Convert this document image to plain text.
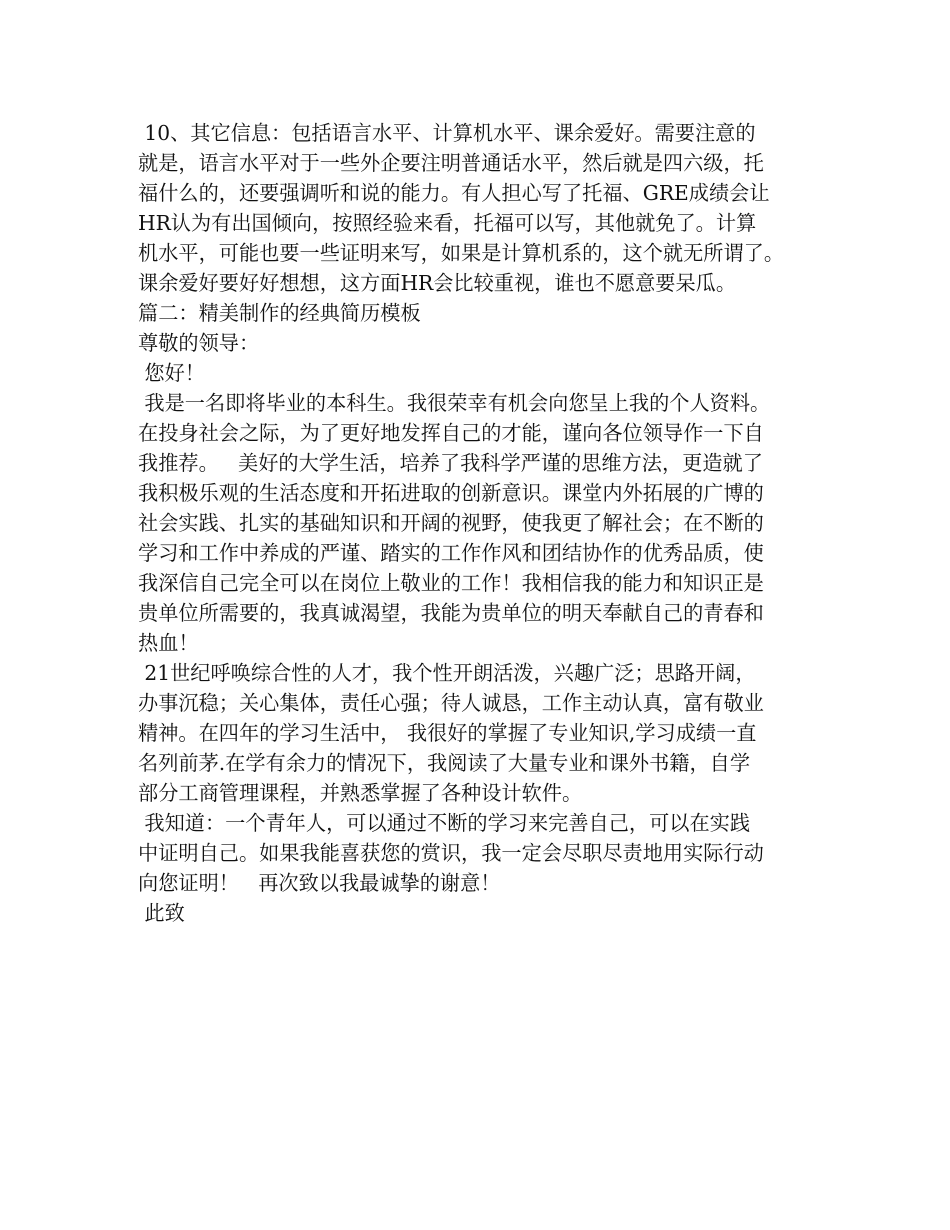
10、其它信息：包括语言水平、计算机水平、课余爱好。需要注意的
就是，语言水平对于一些外企要注明普通话水平，然后就是四六级，托
福什么的，还要强调听和说的能力。有人担心写了托福、GRE成绩会让
HR认为有出国倾向，按照经验来看，托福可以写，其他就免了。计算
机水平，可能也要一些证明来写，如果是计算机系的，这个就无所谓了。
课余爱好要好好想想，这方面HR会比较重视，谁也不愿意要呆瓜。
篇二：精美制作的经典简历模板
尊敬的领导：
您好！
我是一名即将毕业的本科生。我很荣幸有机会向您呈上我的个人资料。
在投身社会之际，为了更好地发挥自己的才能，谨向各位领导作一下自
我推荐。   美好的大学生活，培养了我科学严谨的思维方法，更造就了
我积极乐观的生活态度和开拓进取的创新意识。课堂内外拓展的广博的
社会实践、扎实的基础知识和开阔的视野，使我更了解社会；在不断的
学习和工作中养成的严谨、踏实的工作作风和团结协作的优秀品质，使
我深信自己完全可以在岗位上敬业的工作！我相信我的能力和知识正是
贵单位所需要的，我真诚渴望，我能为贵单位的明天奉献自己的青春和
热血！
21世纪呼唤综合性的人才，我个性开朗活泼，兴趣广泛；思路开阔，
办事沉稳；关心集体，责任心强；待人诚恳，工作主动认真，富有敬业
精神。在四年的学习生活中， 我很好的掌握了专业知识,学习成绩一直
名列前茅.在学有余力的情况下，我阅读了大量专业和课外书籍，自学
部分工商管理课程，并熟悉掌握了各种设计软件。
我知道：一个青年人，可以通过不断的学习来完善自己，可以在实践
中证明自己。如果我能喜获您的赏识，我一定会尽职尽责地用实际行动
向您证明！   再次致以我最诚挚的谢意！
此致
